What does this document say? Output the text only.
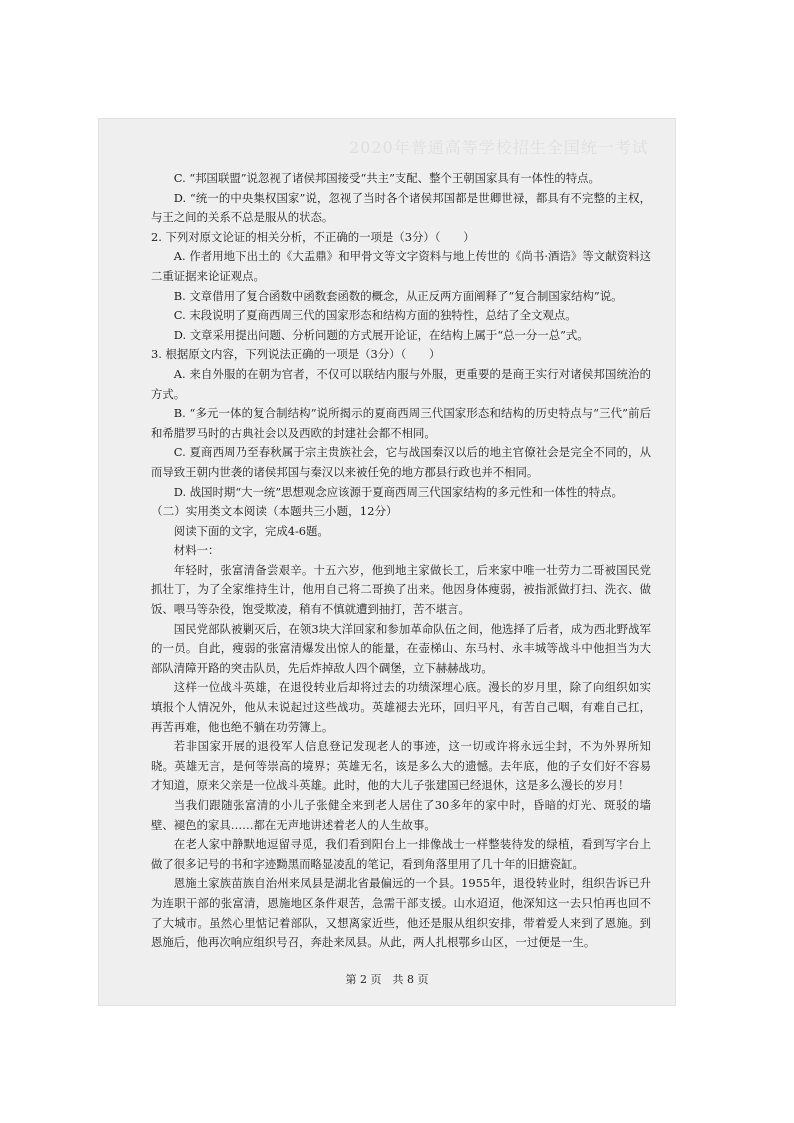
2020年普通高等学校招生全国统一考试

C. “邦国联盟”说忽视了诸侯邦国接受“共主”支配、整个王朝国家具有一体性的特点。

D. “统一的中央集权国家”说，忽视了当时各个诸侯邦国都是世卿世禄，都具有不完整的主权，与王之间的关系不总是服从的状态。

2. 下列对原文论证的相关分析，不正确的一项是（3分）（　　）

A. 作者用地下出土的《大盂鼎》和甲骨文等文字资料与地上传世的《尚书·酒诰》等文献资料这二重证据来论证观点。

B. 文章借用了复合函数中函数套函数的概念，从正反两方面阐释了“复合制国家结构”说。

C. 末段说明了夏商西周三代的国家形态和结构方面的独特性，总结了全文观点。

D. 文章采用提出问题、分析问题的方式展开论证，在结构上属于“总一分一总”式。

3. 根据原文内容，下列说法正确的一项是（3分）（　　）

A. 来自外服的在朝为官者，不仅可以联结内服与外服，更重要的是商王实行对诸侯邦国统治的方式。

B. “多元一体的复合制结构”说所揭示的夏商西周三代国家形态和结构的历史特点与“三代”前后和希腊罗马时的古典社会以及西欧的封建社会都不相同。

C. 夏商西周乃至春秋属于宗主贵族社会，它与战国秦汉以后的地主官僚社会是完全不同的，从而导致王朝内世袭的诸侯邦国与秦汉以来被任免的地方郡县行政也并不相同。

D. 战国时期“大一统”思想观念应该源于夏商西周三代国家结构的多元性和一体性的特点。

（二）实用类文本阅读（本题共三小题，12分）

阅读下面的文字，完成4-6题。

材料一：

年轻时，张富清备尝艰辛。十五六岁，他到地主家做长工，后来家中唯一壮劳力二哥被国民党抓壮丁，为了全家维持生计，他用自己将二哥换了出来。他因身体瘦弱，被指派做打扫、洗衣、做饭、喂马等杂役，饱受欺凌，稍有不慎就遭到抽打，苦不堪言。

国民党部队被剿灭后，在领3块大洋回家和参加革命队伍之间，他选择了后者，成为西北野战军的一员。自此，瘦弱的张富清爆发出惊人的能量，在壶梯山、东马村、永丰城等战斗中他担当为大部队清障开路的突击队员，先后炸掉敌人四个碉堡，立下赫赫战功。

这样一位战斗英雄，在退役转业后却将过去的功绩深埋心底。漫长的岁月里，除了向组织如实填报个人情况外，他从未说起过这些战功。英雄褪去光环，回归平凡，有苦自己咽，有难自己扛，再苦再难，他也绝不躺在功劳簿上。

若非国家开展的退役军人信息登记发现老人的事迹，这一切或许将永远尘封，不为外界所知晓。英雄无言，是何等崇高的境界；英雄无名，该是多么大的遗憾。去年底，他的子女们好不容易才知道，原来父亲是一位战斗英雄。此时，他的大儿子张建国已经退休，这是多么漫长的岁月！

当我们跟随张富清的小儿子张健全来到老人居住了30多年的家中时，昏暗的灯光、斑驳的墙壁、褪色的家具……都在无声地讲述着老人的人生故事。

在老人家中静默地逗留寻觅，我们看到阳台上一排像战士一样整装待发的绿植，看到写字台上做了很多记号的书和字迹黝黑而略显凌乱的笔记，看到角落里用了几十年的旧搪瓷缸。

恩施土家族苗族自治州来凤县是湖北省最偏远的一个县。1955年，退役转业时，组织告诉已升为连职干部的张富清，恩施地区条件艰苦，急需干部支援。山水迢迢，他深知这一去只怕再也回不了大城市。虽然心里惦记着部队，又想离家近些，他还是服从组织安排，带着爱人来到了恩施。到恩施后，他再次响应组织号召，奔赴来凤县。从此，两人扎根鄂乡山区，一过便是一生。

第 2 页　共 8 页
